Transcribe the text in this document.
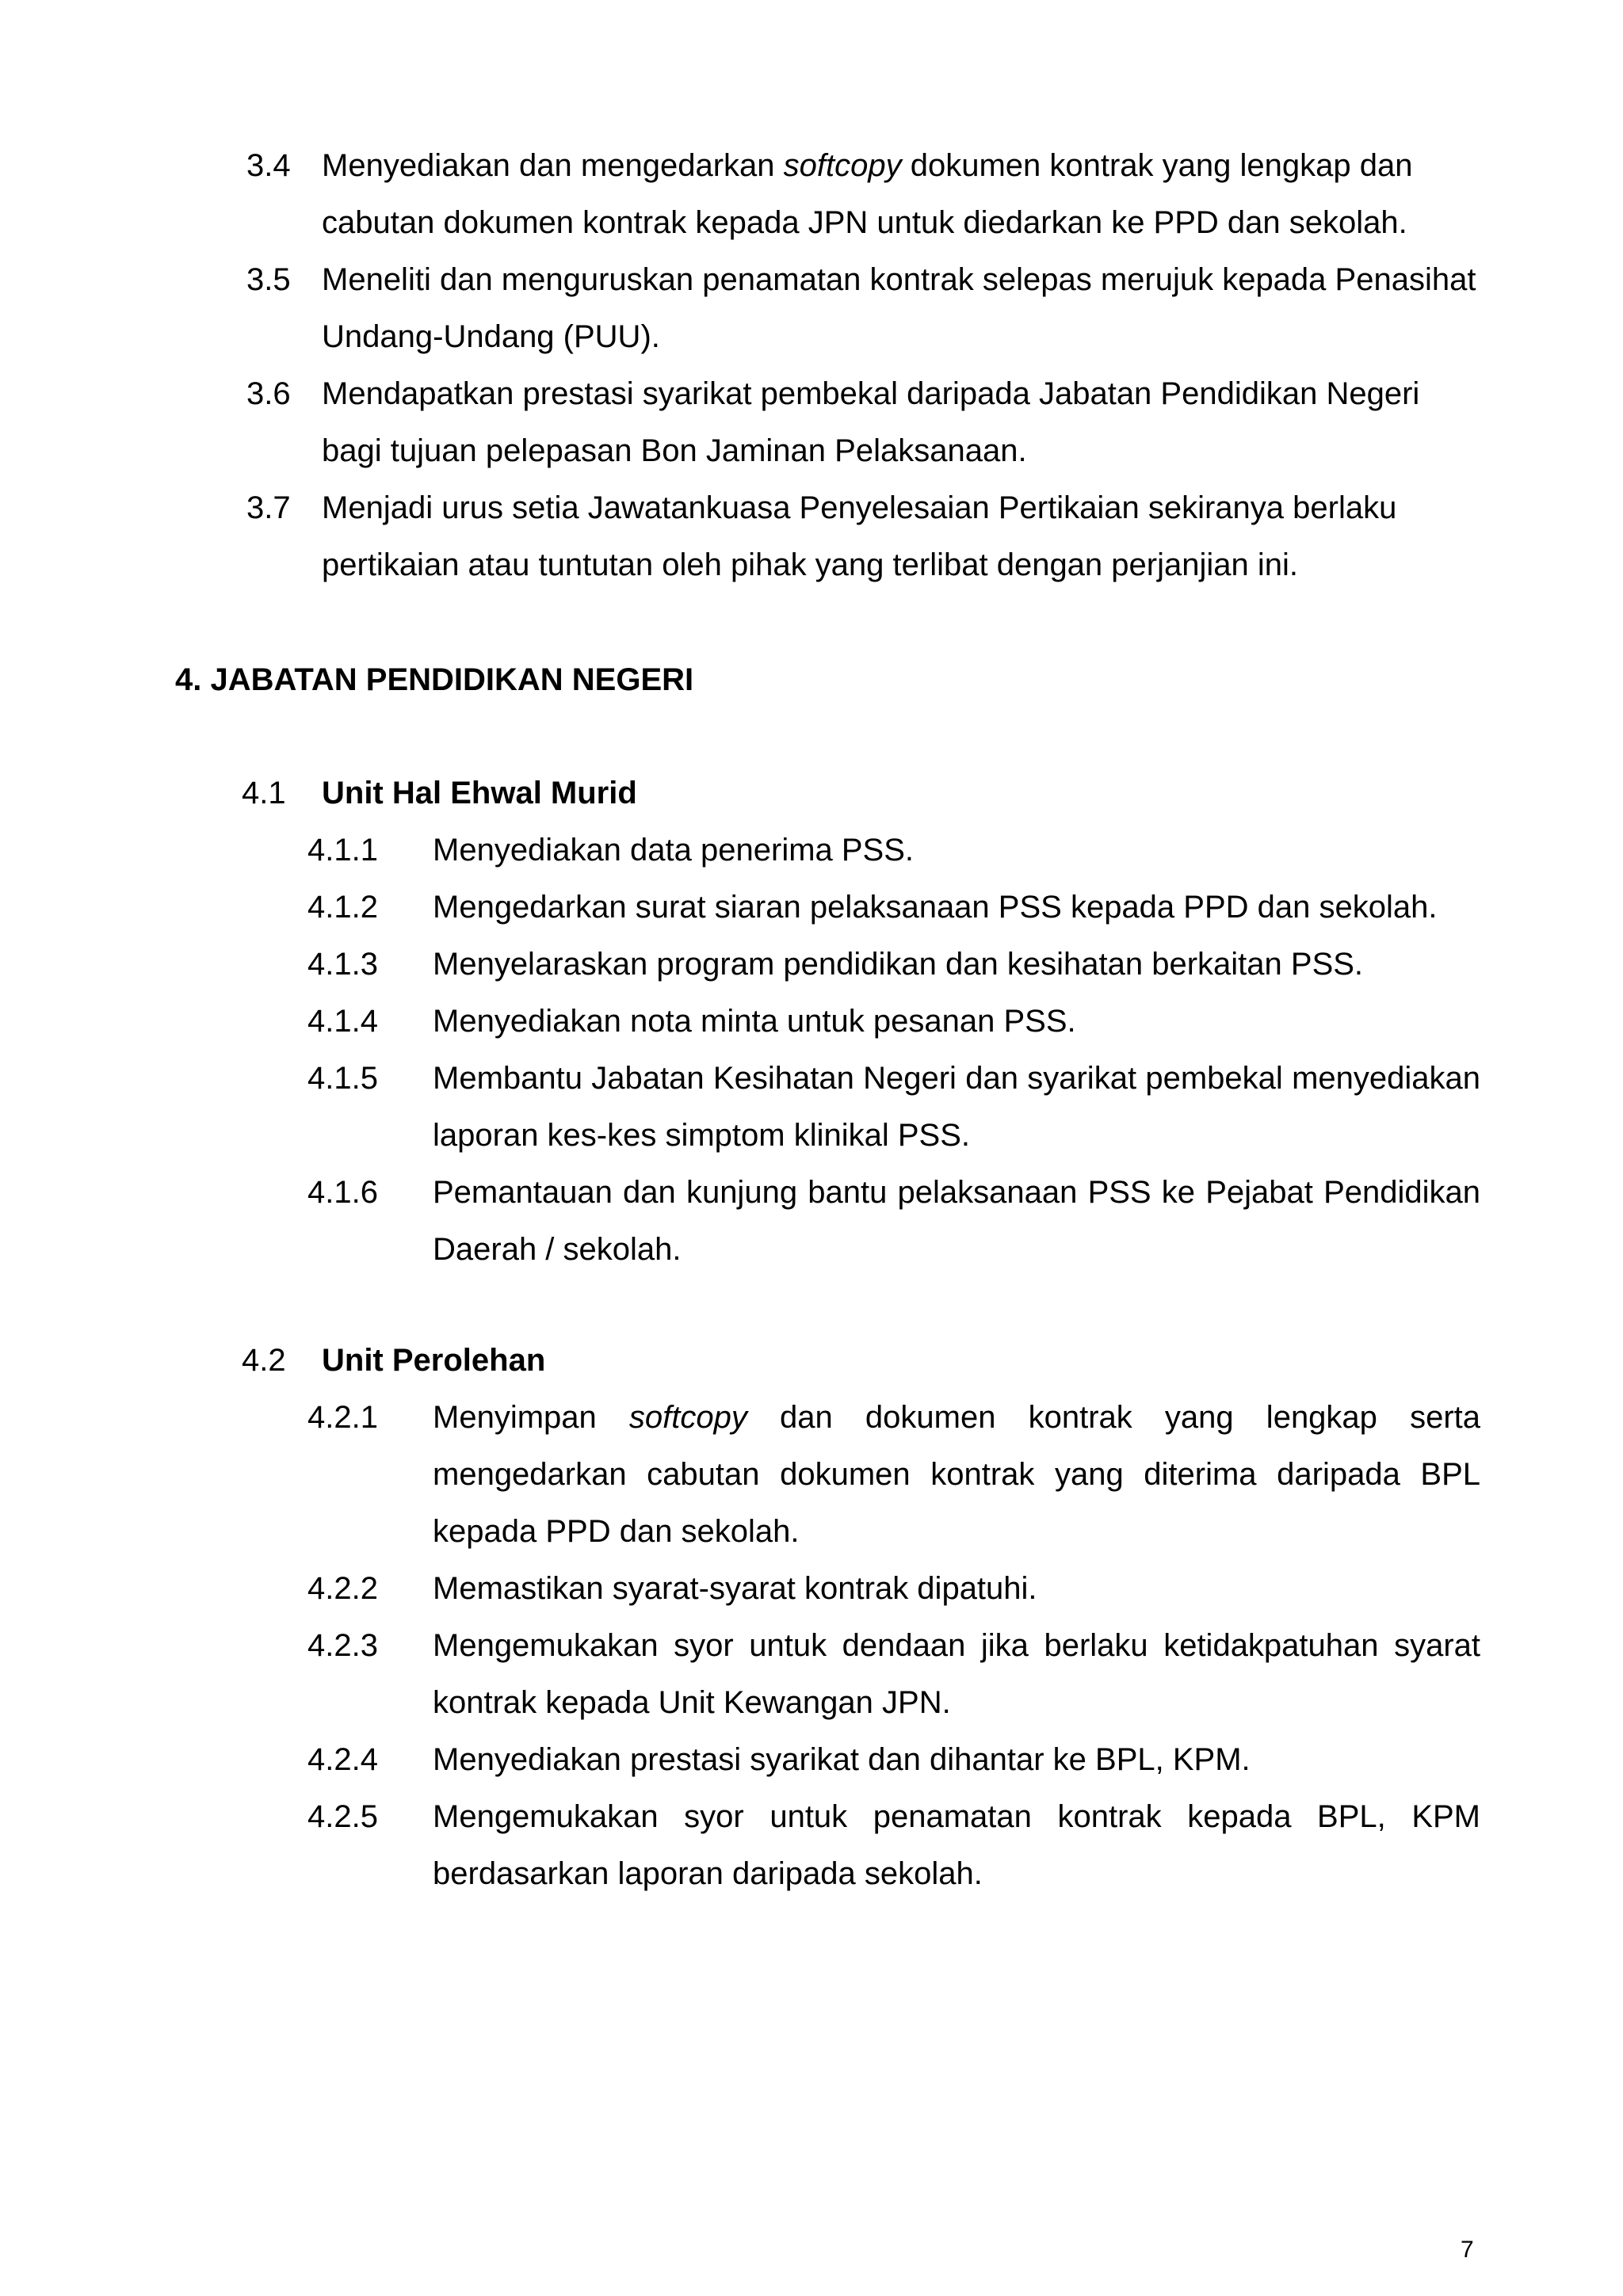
3.4 Menyediakan dan mengedarkan softcopy dokumen kontrak yang lengkap dan cabutan dokumen kontrak kepada JPN untuk diedarkan ke PPD dan sekolah.
3.5 Meneliti dan menguruskan penamatan kontrak selepas merujuk kepada Penasihat Undang-Undang (PUU).
3.6 Mendapatkan prestasi syarikat pembekal daripada Jabatan Pendidikan Negeri bagi tujuan pelepasan Bon Jaminan Pelaksanaan.
3.7 Menjadi urus setia Jawatankuasa Penyelesaian Pertikaian sekiranya berlaku pertikaian atau tuntutan oleh pihak yang terlibat dengan perjanjian ini.
4. JABATAN PENDIDIKAN NEGERI
4.1 Unit Hal Ehwal Murid
4.1.1 Menyediakan data penerima PSS.
4.1.2 Mengedarkan surat siaran pelaksanaan PSS kepada PPD dan sekolah.
4.1.3 Menyelaraskan program pendidikan dan kesihatan berkaitan PSS.
4.1.4 Menyediakan nota minta untuk pesanan PSS.
4.1.5 Membantu Jabatan Kesihatan Negeri dan syarikat pembekal menyediakan laporan kes-kes simptom klinikal PSS.
4.1.6 Pemantauan dan kunjung bantu pelaksanaan PSS ke Pejabat Pendidikan Daerah / sekolah.
4.2 Unit Perolehan
4.2.1 Menyimpan softcopy dan dokumen kontrak yang lengkap serta mengedarkan cabutan dokumen kontrak yang diterima daripada BPL kepada PPD dan sekolah.
4.2.2 Memastikan syarat-syarat kontrak dipatuhi.
4.2.3 Mengemukakan syor untuk dendaan jika berlaku ketidakpatuhan syarat kontrak kepada Unit Kewangan JPN.
4.2.4 Menyediakan prestasi syarikat dan dihantar ke BPL, KPM.
4.2.5 Mengemukakan syor untuk penamatan kontrak kepada BPL, KPM berdasarkan laporan daripada sekolah.
7
